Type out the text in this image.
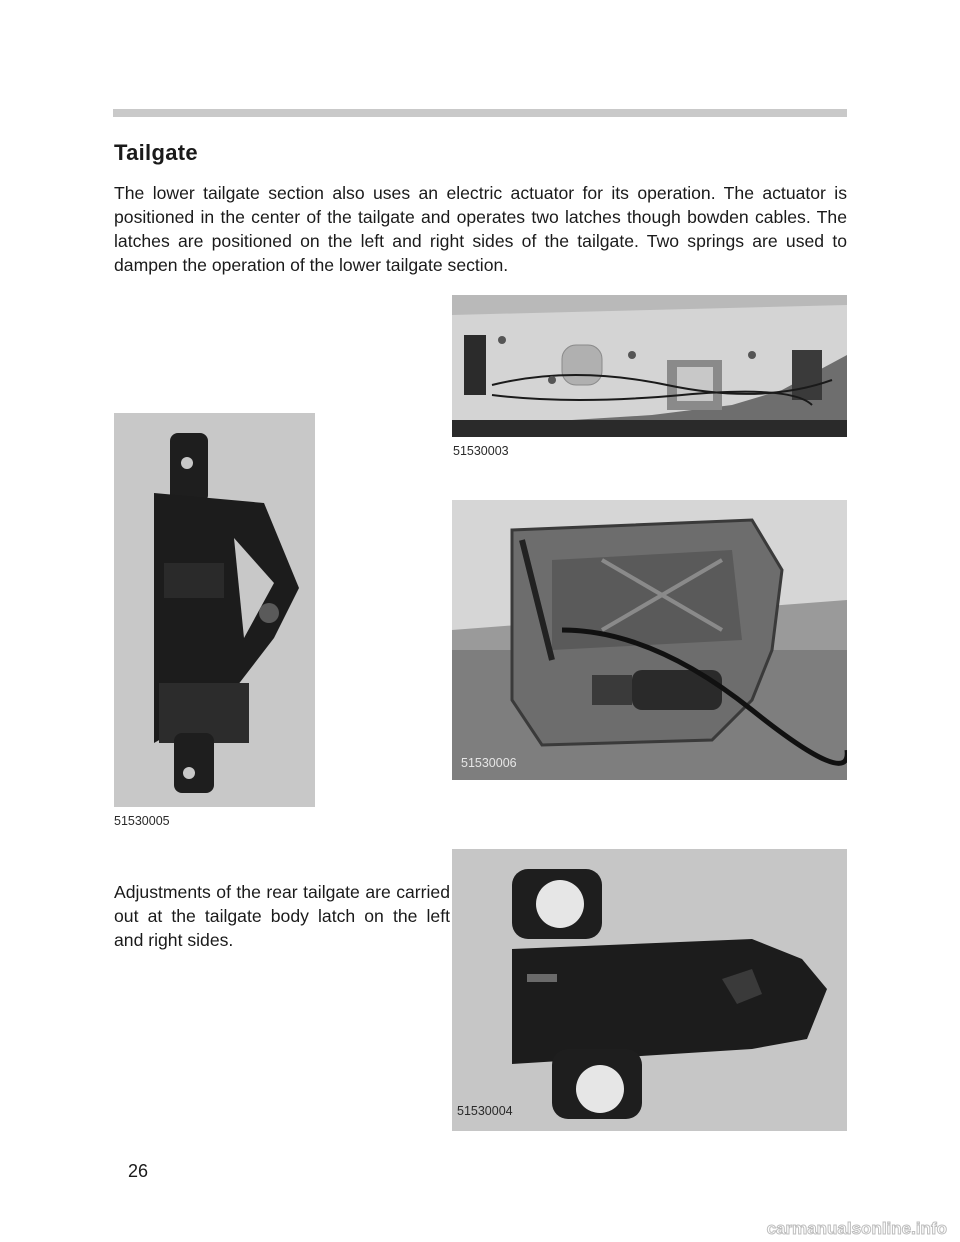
Tailgate

The lower tailgate section also uses an electric actuator for its operation. The actuator is positioned in the center of the tailgate and operates two latches though bowden cables. The latches are positioned on the left and right sides of the tailgate. Two springs are used to dampen the operation of the lower tailgate section.

51530003
51530005
51530006

Adjustments of the rear tailgate are carried out at the tailgate body latch on the left and right sides.

51530004
26
carmanualsonline.info
